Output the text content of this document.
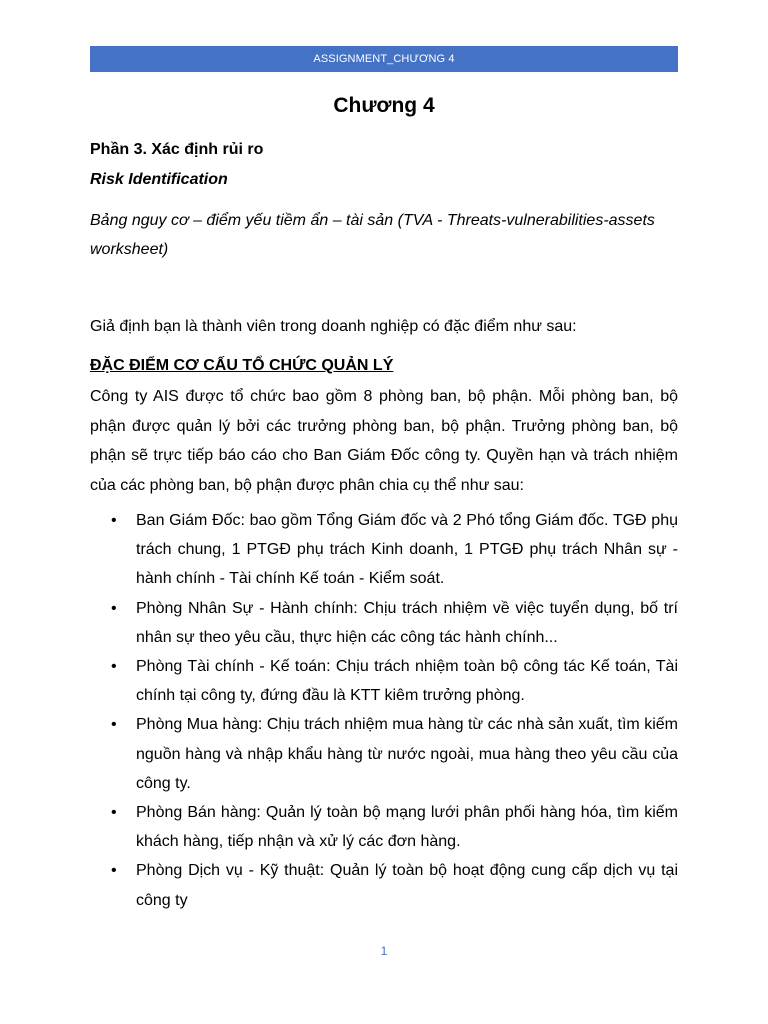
ASSIGNMENT_CHƯƠNG 4
Chương 4
Phần 3. Xác định rủi ro
Risk Identification
Bảng nguy cơ – điểm yếu tiềm ẩn – tài sản (TVA - Threats-vulnerabilities-assets worksheet)
Giả định bạn là thành viên trong doanh nghiệp có đặc điểm như sau:
ĐẶC ĐIỂM CƠ CẤU TỔ CHỨC QUẢN LÝ
Công ty AIS được tổ chức bao gồm 8 phòng ban, bộ phận. Mỗi phòng ban, bộ phận được quản lý bởi các trưởng phòng ban, bộ phận. Trưởng phòng ban, bộ phận sẽ trực tiếp báo cáo cho Ban Giám Đốc công ty. Quyền hạn và trách nhiệm của các phòng ban, bộ phận được phân chia cụ thể như sau:
• Ban Giám Đốc: bao gồm Tổng Giám đốc và 2 Phó tổng Giám đốc. TGĐ phụ trách chung, 1 PTGĐ phụ trách Kinh doanh, 1 PTGĐ phụ trách Nhân sự - hành chính - Tài chính Kế toán - Kiểm soát.
• Phòng Nhân Sự - Hành chính: Chịu trách nhiệm về việc tuyển dụng, bố trí nhân sự theo yêu cầu, thực hiện các công tác hành chính...
• Phòng Tài chính - Kế toán: Chịu trách nhiệm toàn bộ công tác Kế toán, Tài chính tại công ty, đứng đầu là KTT kiêm trưởng phòng.
• Phòng Mua hàng: Chịu trách nhiệm mua hàng từ các nhà sản xuất, tìm kiếm nguồn hàng và nhập khẩu hàng từ nước ngoài, mua hàng theo yêu cầu của công ty.
• Phòng Bán hàng: Quản lý toàn bộ mạng lưới phân phối hàng hóa, tìm kiếm khách hàng, tiếp nhận và xử lý các đơn hàng.
• Phòng Dịch vụ - Kỹ thuật: Quản lý toàn bộ hoạt động cung cấp dịch vụ tại công ty
1
